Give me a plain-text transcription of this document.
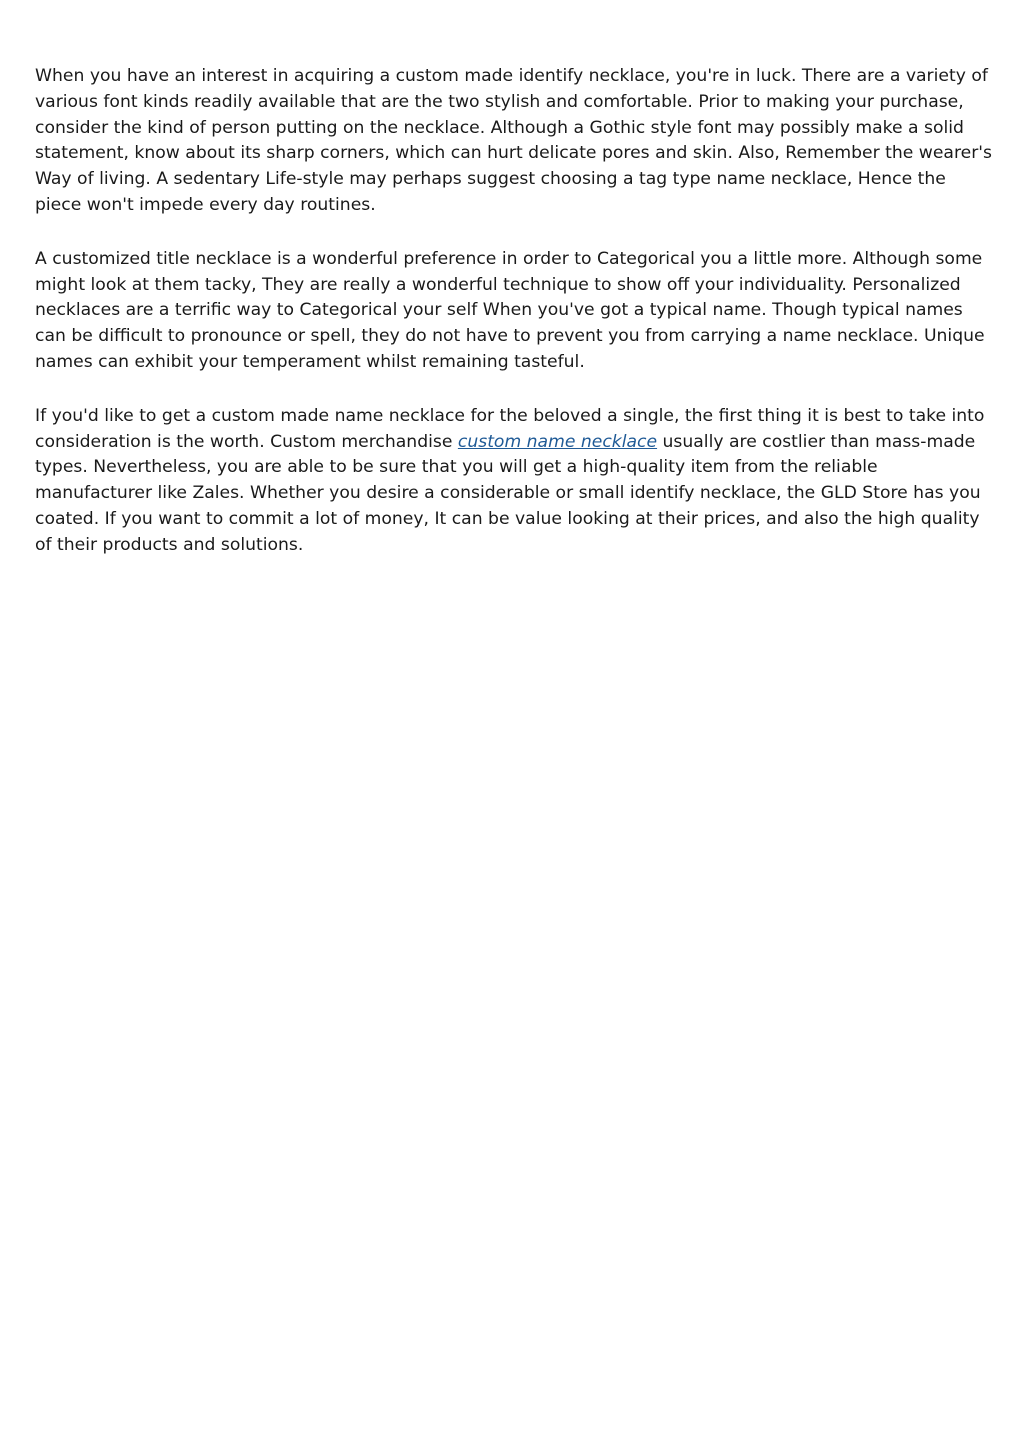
When you have an interest in acquiring a custom made identify necklace, you're in luck. There are a variety of various font kinds readily available that are the two stylish and comfortable. Prior to making your purchase, consider the kind of person putting on the necklace. Although a Gothic style font may possibly make a solid statement, know about its sharp corners, which can hurt delicate pores and skin. Also, Remember the wearer's Way of living. A sedentary Life-style may perhaps suggest choosing a tag type name necklace, Hence the piece won't impede every day routines.

A customized title necklace is a wonderful preference in order to Categorical you a little more. Although some might look at them tacky, They are really a wonderful technique to show off your individuality. Personalized necklaces are a terrific way to Categorical your self When you've got a typical name. Though typical names can be difficult to pronounce or spell, they do not have to prevent you from carrying a name necklace. Unique names can exhibit your temperament whilst remaining tasteful.

If you'd like to get a custom made name necklace for the beloved a single, the first thing it is best to take into consideration is the worth. Custom merchandise custom name necklace usually are costlier than mass-made types. Nevertheless, you are able to be sure that you will get a high-quality item from the reliable manufacturer like Zales. Whether you desire a considerable or small identify necklace, the GLD Store has you coated. If you want to commit a lot of money, It can be value looking at their prices, and also the high quality of their products and solutions.
